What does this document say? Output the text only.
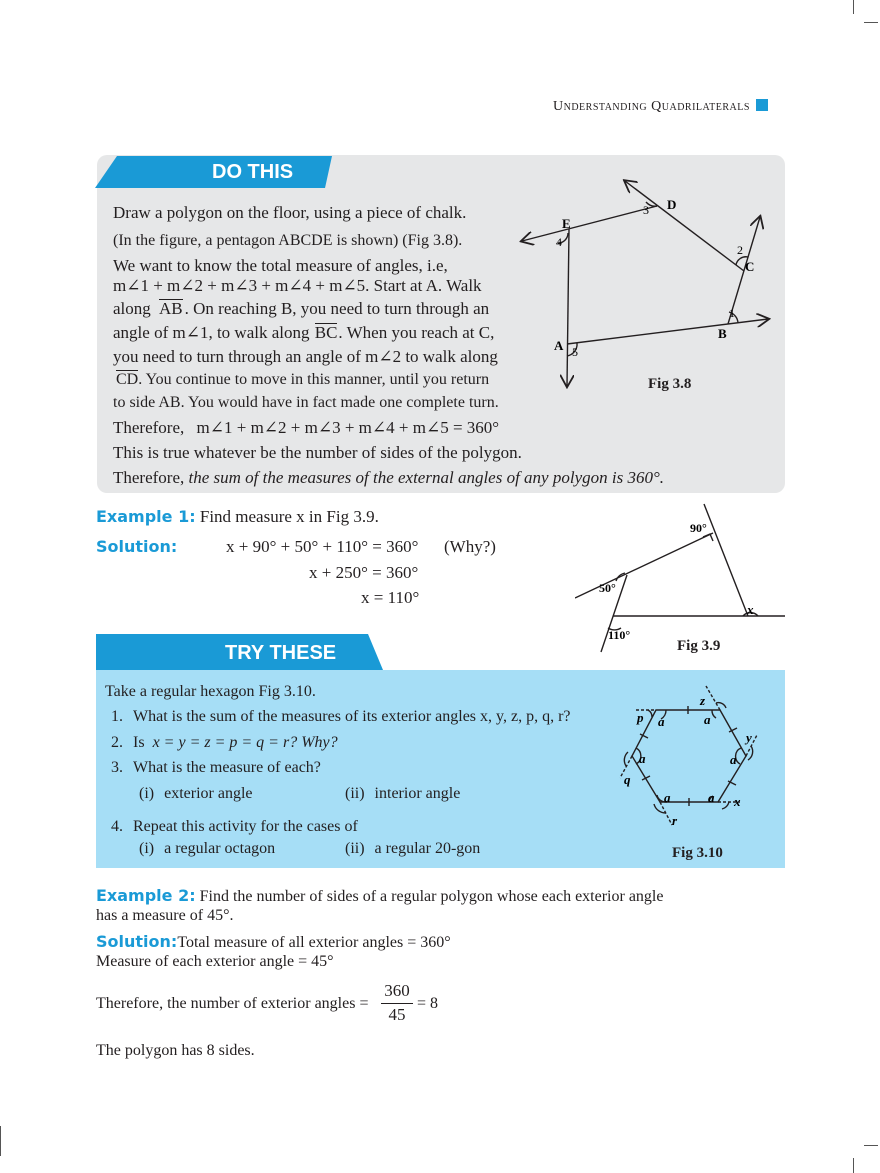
Understanding Quadrilaterals
DO THIS
Draw a polygon on the floor, using a piece of chalk.
(In the figure, a pentagon ABCDE is shown) (Fig 3.8).
We want to know the total measure of angles, i.e,
m∠1 + m∠2 + m∠3 + m∠4 + m∠5. Start at A. Walk
along AB . On reaching B, you need to turn through an
angle of m∠1, to walk along BC. When you reach at C,
you need to turn through an angle of m∠2 to walk along
CD. You continue to move in this manner, until you return
to side AB. You would have in fact made one complete turn.
Therefore, m∠1 + m∠2 + m∠3 + m∠4 + m∠5 = 360°
This is true whatever be the number of sides of the polygon.
Therefore, the sum of the measures of the external angles of any polygon is 360°.
A
B
C
D
E
1
2
3
4
5
Fig 3.8
Example 1: Find measure x in Fig 3.9.
Solution:	x + 90° + 50° + 110° = 360° (Why?)
x + 250° = 360°
x = 110°
90°
50°
110°
x
Fig 3.9
TRY THESE
Take a regular hexagon Fig 3.10.
1. What is the sum of the measures of its exterior angles x, y, z, p, q, r?
2. Is x = y = z = p = q = r? Why?
3. What is the measure of each?
(i) exterior angle	(ii) interior angle
4. Repeat this activity for the cases of
(i) a regular octagon	(ii) a regular 20-gon
p a
z
a
y
a
x
a
r
a
q
a
Fig 3.10
Example 2: Find the number of sides of a regular polygon whose each exterior angle
has a measure of 45°.
Solution:Total measure of all exterior angles = 360°
Measure of each exterior angle = 45°
Therefore, the number of exterior angles =
360
45
= 8
The polygon has 8 sides.
